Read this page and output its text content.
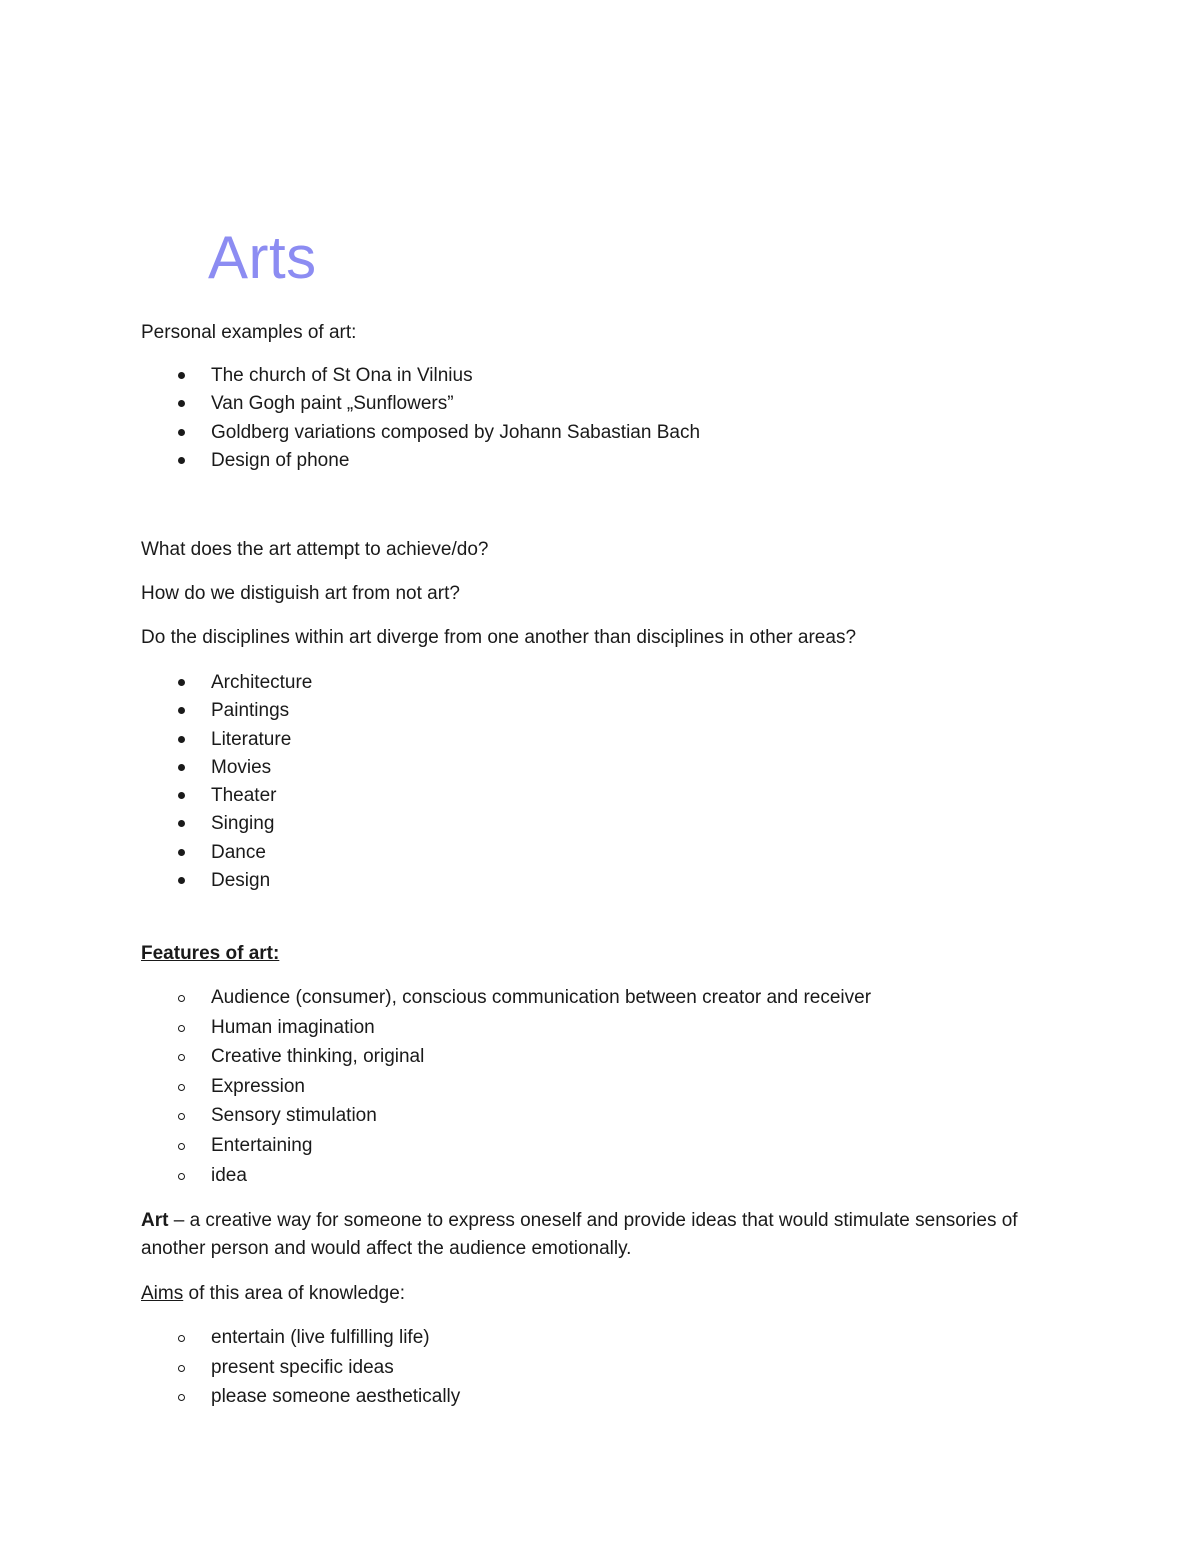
Arts
Personal examples of art:
The church of St Ona in Vilnius
Van Gogh paint „Sunflowers”
Goldberg variations composed by Johann Sabastian Bach
Design of phone
What does the art attempt to achieve/do?
How do we distiguish art from not art?
Do the disciplines within art diverge from one another than disciplines in other areas?
Architecture
Paintings
Literature
Movies
Theater
Singing
Dance
Design
Features of art:
Audience (consumer), conscious communication between creator and receiver
Human imagination
Creative thinking, original
Expression
Sensory stimulation
Entertaining
idea
Art – a creative way for someone to express oneself and provide ideas that would stimulate sensories of another person and would affect the audience emotionally.
Aims of this area of knowledge:
entertain (live fulfilling life)
present specific ideas
please someone aesthetically
